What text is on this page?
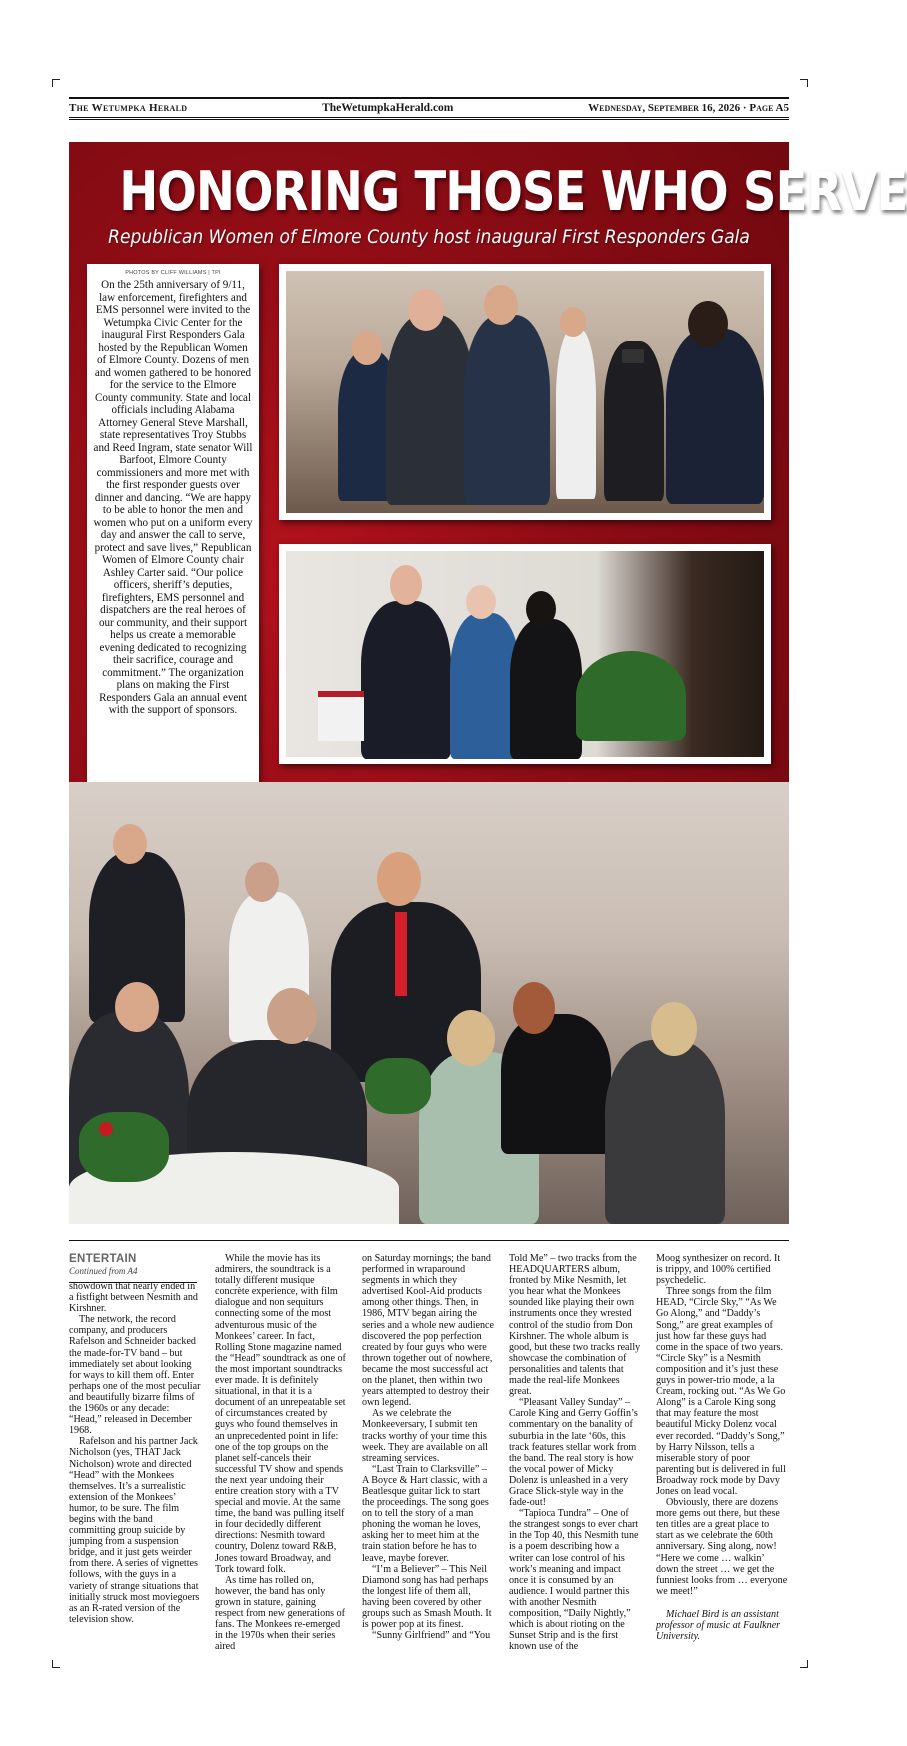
The Wetumpka Herald	TheWetumpkaHerald.com	Wednesday, September 16, 2026 · Page A5
HONORING THOSE WHO SERVE
Republican Women of Elmore County host inaugural First Responders Gala
PHOTOS BY CLIFF WILLIAMS | TPI
On the 25th anniversary of 9/11, law enforcement, firefighters and EMS personnel were invited to the Wetumpka Civic Center for the inaugural First Responders Gala hosted by the Republican Women of Elmore County. Dozens of men and women gathered to be honored for the service to the Elmore County community. State and local officials including Alabama Attorney General Steve Marshall, state representatives Troy Stubbs and Reed Ingram, state senator Will Barfoot, Elmore County commissioners and more met with the first responder guests over dinner and dancing. “We are happy to be able to honor the men and women who put on a uniform every day and answer the call to serve, protect and save lives,” Republican Women of Elmore County chair Ashley Carter said. “Our police officers, sheriff’s deputies, firefighters, EMS personnel and dispatchers are the real heroes of our community, and their support helps us create a memorable evening dedicated to recognizing their sacrifice, courage and commitment.” The organization plans on making the First Responders Gala an annual event with the support of sponsors.
ENTERTAIN
Continued from A4

showdown that nearly ended in a fistfight between Nesmith and Kirshner.

The network, the record company, and producers Rafelson and Schneider backed the made-for-TV band – but immediately set about looking for ways to kill them off. Enter perhaps one of the most peculiar and beautifully bizarre films of the 1960s or any decade: “Head,” released in December 1968.

Rafelson and his partner Jack Nicholson (yes, THAT Jack Nicholson) wrote and directed “Head” with the Monkees themselves. It’s a surrealistic extension of the Monkees’ humor, to be sure. The film begins with the band committing group suicide by jumping from a suspension bridge, and it just gets weirder from there. A series of vignettes follows, with the guys in a variety of strange situations that initially struck most moviegoers as an R-rated version of the television show.

While the movie has its admirers, the soundtrack is a totally different musique concrète experience, with film dialogue and non sequiturs connecting some of the most adventurous music of the Monkees’ career. In fact, Rolling Stone magazine named the “Head” soundtrack as one of the most important soundtracks ever made. It is definitely situational, in that it is a document of an unrepeatable set of circumstances created by guys who found themselves in an unprecedented point in life: one of the top groups on the planet self-cancels their successful TV show and spends the next year undoing their entire creation story with a TV special and movie. At the same time, the band was pulling itself in four decidedly different directions: Nesmith toward country, Dolenz toward R&B, Jones toward Broadway, and Tork toward folk.

As time has rolled on, however, the band has only grown in stature, gaining respect from new generations of fans. The Monkees re-emerged in the 1970s when their series aired

on Saturday mornings; the band performed in wraparound segments in which they advertised Kool-Aid products among other things. Then, in 1986, MTV began airing the series and a whole new audience discovered the pop perfection created by four guys who were thrown together out of nowhere, became the most successful act on the planet, then within two years attempted to destroy their own legend.

As we celebrate the Monkeeversary, I submit ten tracks worthy of your time this week. They are available on all streaming services.

“Last Train to Clarksville” – A Boyce & Hart classic, with a Beatlesque guitar lick to start the proceedings. The song goes on to tell the story of a man phoning the woman he loves, asking her to meet him at the train station before he has to leave, maybe forever.

“I’m a Believer” – This Neil Diamond song has had perhaps the longest life of them all, having been covered by other groups such as Smash Mouth. It is power pop at its finest.

“Sunny Girlfriend” and “You

Told Me” – two tracks from the HEADQUARTERS album, fronted by Mike Nesmith, let you hear what the Monkees sounded like playing their own instruments once they wrested control of the studio from Don Kirshner. The whole album is good, but these two tracks really showcase the combination of personalities and talents that made the real-life Monkees great.

“Pleasant Valley Sunday” – Carole King and Gerry Goffin’s commentary on the banality of suburbia in the late ‘60s, this track features stellar work from the band. The real story is how the vocal power of Micky Dolenz is unleashed in a very Grace Slick-style way in the fade-out!

“Tapioca Tundra” – One of the strangest songs to ever chart in the Top 40, this Nesmith tune is a poem describing how a writer can lose control of his work’s meaning and impact once it is consumed by an audience. I would partner this with another Nesmith composition, “Daily Nightly,” which is about rioting on the Sunset Strip and is the first known use of the

Moog synthesizer on record. It is trippy, and 100% certified psychedelic.

Three songs from the film HEAD, “Circle Sky,” “As We Go Along,” and “Daddy’s Song,” are great examples of just how far these guys had come in the space of two years. “Circle Sky” is a Nesmith composition and it’s just these guys in power-trio mode, a la Cream, rocking out. “As We Go Along” is a Carole King song that may feature the most beautiful Micky Dolenz vocal ever recorded. “Daddy’s Song,” by Harry Nilsson, tells a miserable story of poor parenting but is delivered in full Broadway rock mode by Davy Jones on lead vocal.

Obviously, there are dozens more gems out there, but these ten titles are a great place to start as we celebrate the 60th anniversary. Sing along, now! “Here we come … walkin’ down the street … we get the funniest looks from … everyone we meet!”

Michael Bird is an assistant professor of music at Faulkner University.
